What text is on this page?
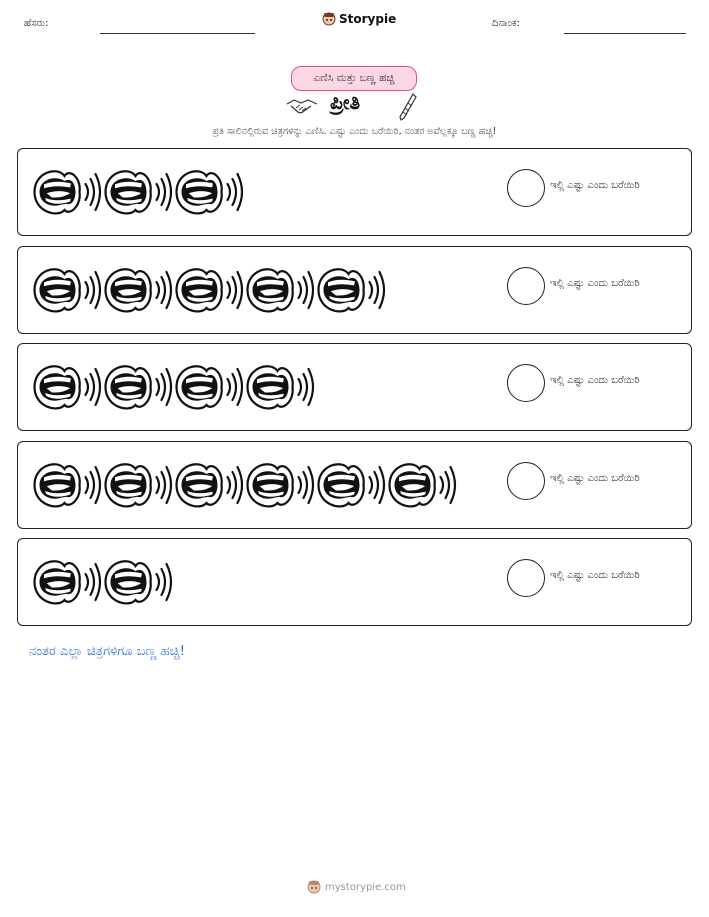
ಹೆಸರು:	Storypie	ದಿನಾಂಕ:
ಎಣಿಸಿ ಮತ್ತು ಬಣ್ಣ ಹಚ್ಚಿ
ಪ್ರೀತಿ
ಪ್ರತಿ ಸಾಲಿನಲ್ಲಿರುವ ಚಿತ್ರಗಳನ್ನು ಎಣಿಸಿ. ಎಷ್ಟು ಎಂದು ಬರೆಯಿರಿ, ನಂತರ ಅವೆಲ್ಲಕ್ಕೂ ಬಣ್ಣ ಹಚ್ಚಿ!
ಇಲ್ಲಿ ಎಷ್ಟು ಎಂದು ಬರೆಯಿರಿ
ಇಲ್ಲಿ ಎಷ್ಟು ಎಂದು ಬರೆಯಿರಿ
ಇಲ್ಲಿ ಎಷ್ಟು ಎಂದು ಬರೆಯಿರಿ
ಇಲ್ಲಿ ಎಷ್ಟು ಎಂದು ಬರೆಯಿರಿ
ಇಲ್ಲಿ ಎಷ್ಟು ಎಂದು ಬರೆಯಿರಿ
ನಂತರ ಎಲ್ಲಾ ಚಿತ್ರಗಳಿಗೂ ಬಣ್ಣ ಹಚ್ಚಿ!
mystorypie.com
